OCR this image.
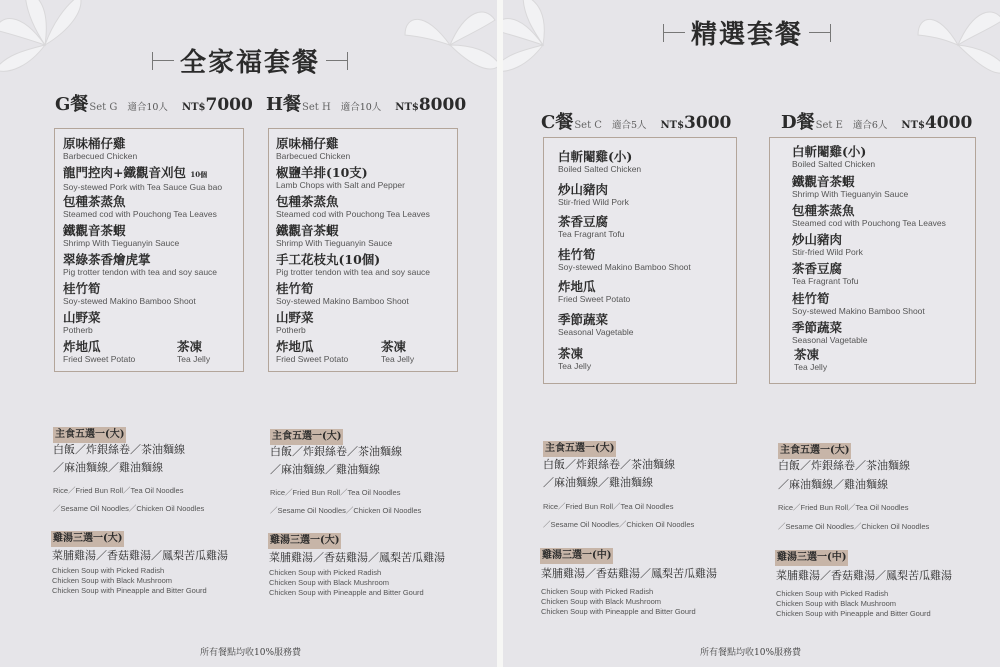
全家福套餐
G餐 Set G 適合10人 NT$7000 H餐 Set H 適合10人 NT$8000
原味桶仔雞
Barbecued Chicken
龍門控肉+鐵觀音刈包 10個
Soy-stewed Pork with Tea Sauce Gua bao
包種茶蒸魚
Steamed cod with Pouchong Tea Leaves
鐵觀音茶蝦
Shrimp With Tieguanyin Sauce
翠綠茶香燴虎掌
Pig trotter tendon with tea and soy sauce
桂竹筍
Soy-stewed Makino Bamboo Shoot
山野菜
Potherb
炸地瓜
Fried Sweet Potato
茶凍
Tea Jelly
原味桶仔雞
Barbecued Chicken
椒鹽羊排(10支)
Lamb Chops with Salt and Pepper
包種茶蒸魚
Steamed cod with Pouchong Tea Leaves
鐵觀音茶蝦
Shrimp With Tieguanyin Sauce
手工花枝丸(10個)
Pig trotter tendon with tea and soy sauce
桂竹筍
Soy-stewed Makino Bamboo Shoot
山野菜
Potherb
炸地瓜
Fried Sweet Potato
茶凍
Tea Jelly
主食五選一(大)
白飯／炸銀絲卷／茶油麵線
／麻油麵線／雞油麵線
Rice／Fried Bun Roll／Tea Oil Noodles
／Sesame Oil Noodles／Chicken Oil Noodles
雞湯三選一(大)
菜脯雞湯／香菇雞湯／鳳梨苦瓜雞湯
Chicken Soup with Picked Radish
Chicken Soup with Black Mushroom
Chicken Soup with Pineapple and Bitter Gourd
主食五選一(大)
白飯／炸銀絲卷／茶油麵線
／麻油麵線／雞油麵線
Rice／Fried Bun Roll／Tea Oil Noodles
／Sesame Oil Noodles／Chicken Oil Noodles
雞湯三選一(大)
菜脯雞湯／香菇雞湯／鳳梨苦瓜雞湯
Chicken Soup with Picked Radish
Chicken Soup with Black Mushroom
Chicken Soup with Pineapple and Bitter Gourd
所有餐點均收10%服務費
精選套餐
C餐 Set C 適合5人 NT$3000	D餐 Set E 適合6人 NT$4000
白斬閹雞(小)
Boiled Salted Chicken
炒山豬肉
Stir-fried Wild Pork
茶香豆腐
Tea Fragrant Tofu
桂竹筍
Soy-stewed Makino Bamboo Shoot
炸地瓜
Fried Sweet Potato
季節蔬菜
Seasonal Vagetable
茶凍
Tea Jelly
白斬閹雞(小)
Boiled Salted Chicken
鐵觀音茶蝦
Shrimp With Tieguanyin Sauce
包種茶蒸魚
Steamed cod with Pouchong Tea Leaves
炒山豬肉
Stir-fried Wild Pork
茶香豆腐
Tea Fragrant Tofu
桂竹筍
Soy-stewed Makino Bamboo Shoot
季節蔬菜
Seasonal Vagetable
茶凍
Tea Jelly
主食五選一(大)
白飯／炸銀絲卷／茶油麵線
／麻油麵線／雞油麵線
Rice／Fried Bun Roll／Tea Oil Noodles
／Sesame Oil Noodles／Chicken Oil Noodles
雞湯三選一(中)
菜脯雞湯／香菇雞湯／鳳梨苦瓜雞湯
Chicken Soup with Picked Radish
Chicken Soup with Black Mushroom
Chicken Soup with Pineapple and Bitter Gourd
主食五選一(大)
白飯／炸銀絲卷／茶油麵線
／麻油麵線／雞油麵線
Rice／Fried Bun Roll／Tea Oil Noodles
／Sesame Oil Noodles／Chicken Oil Noodles
雞湯三選一(中)
菜脯雞湯／香菇雞湯／鳳梨苦瓜雞湯
Chicken Soup with Picked Radish
Chicken Soup with Black Mushroom
Chicken Soup with Pineapple and Bitter Gourd
所有餐點均收10%服務費
